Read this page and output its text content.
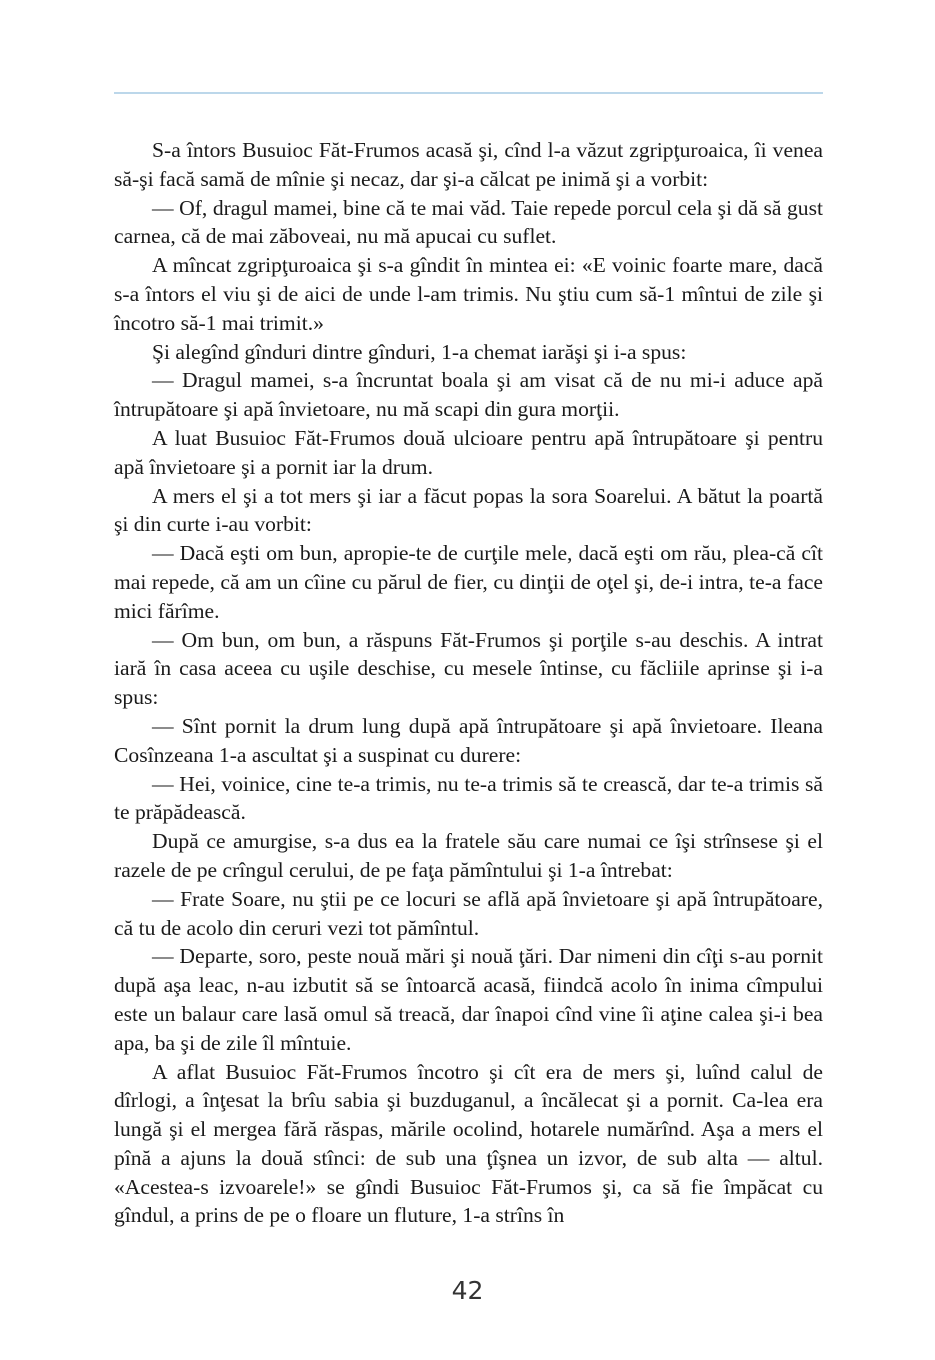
S-a întors Busuioc Făt-Frumos acasă şi, cînd l-a văzut zgripţuroaica, îi venea să-şi facă samă de mînie şi necaz, dar şi-a călcat pe inimă şi a vorbit:

— Of, dragul mamei, bine că te mai văd. Taie repede porcul cela şi dă să gust carnea, că de mai zăboveai, nu mă apucai cu suflet.

A mîncat zgripţuroaica şi s-a gîndit în mintea ei: «E voinic foarte mare, dacă s-a întors el viu şi de aici de unde l-am trimis. Nu ştiu cum să-1 mîntui de zile şi încotro să-1 mai trimit.»

Şi alegînd gînduri dintre gînduri, 1-a chemat iarăşi şi i-a spus:

— Dragul mamei, s-a încruntat boala şi am visat că de nu mi-i aduce apă întrupătoare şi apă învietoare, nu mă scapi din gura morţii.

A luat Busuioc Făt-Frumos două ulcioare pentru apă întrupătoare şi pentru apă învietoare şi a pornit iar la drum.

A mers el şi a tot mers şi iar a făcut popas la sora Soarelui. A bătut la poartă şi din curte i-au vorbit:

— Dacă eşti om bun, apropie-te de curţile mele, dacă eşti om rău, plea-că cît mai repede, că am un cîine cu părul de fier, cu dinţii de oţel şi, de-i intra, te-a face mici fărîme.

— Om bun, om bun, a răspuns Făt-Frumos şi porţile s-au deschis. A intrat iară în casa aceea cu uşile deschise, cu mesele întinse, cu făcliile aprinse şi i-a spus:

— Sînt pornit la drum lung după apă întrupătoare şi apă învietoare. Ileana Cosînzeana 1-a ascultat şi a suspinat cu durere:

— Hei, voinice, cine te-a trimis, nu te-a trimis să te crească, dar te-a trimis să te prăpădească.

După ce amurgise, s-a dus ea la fratele său care numai ce îşi strînsese şi el razele de pe crîngul cerului, de pe faţa pămîntului şi 1-a întrebat:

— Frate Soare, nu ştii pe ce locuri se află apă învietoare şi apă întrupătoare, că tu de acolo din ceruri vezi tot pămîntul.

— Departe, soro, peste nouă mări şi nouă ţări. Dar nimeni din cîţi s-au pornit după aşa leac, n-au izbutit să se întoarcă acasă, fiindcă acolo în inima cîmpului este un balaur care lasă omul să treacă, dar înapoi cînd vine îi aţine calea şi-i bea apa, ba şi de zile îl mîntuie.

A aflat Busuioc Făt-Frumos încotro şi cît era de mers şi, luînd calul de dîrlogi, a înţesat la brîu sabia şi buzduganul, a încălecat şi a pornit. Ca-lea era lungă şi el mergea fără răspas, mările ocolind, hotarele numărînd. Aşa a mers el pînă a ajuns la două stînci: de sub una ţîşnea un izvor, de sub alta — altul. «Acestea-s izvoarele!» se gîndi Busuioc Făt-Frumos şi, ca să fie împăcat cu gîndul, a prins de pe o floare un fluture, 1-a strîns în

42
